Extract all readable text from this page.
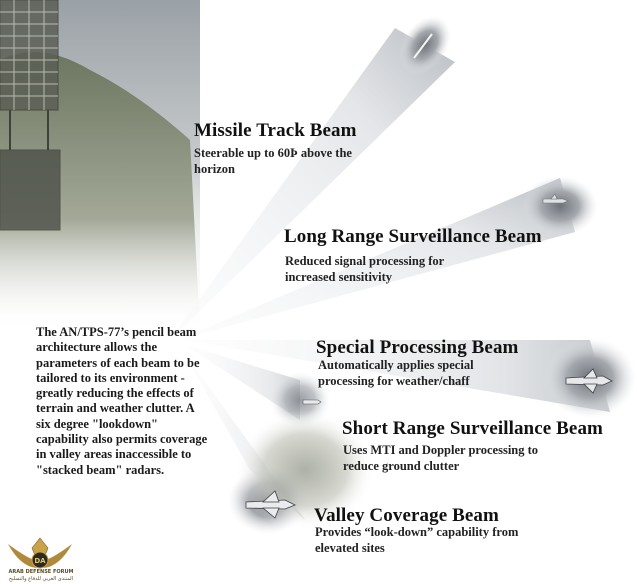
Missile Track Beam
Steerable up to 60Þ above the horizon
Long Range Surveillance Beam
Reduced signal processing for increased sensitivity
Special Processing Beam
Automatically applies special processing for weather/chaff
Short Range Surveillance Beam
Uses MTI and Doppler processing to reduce ground clutter
Valley Coverage Beam
Provides “look-down” capability from elevated sites
The AN/TPS-77’s pencil beam architecture allows the parameters of each beam to be tailored to its environment - greatly reducing the effects of terrain and weather clutter. A six degree "lookdown" capability also permits coverage in valley areas inaccessible to "stacked beam" radars.
DA
ARAB DEFENSE FORUM
المنتدى العربي للدفاع والتسليح
